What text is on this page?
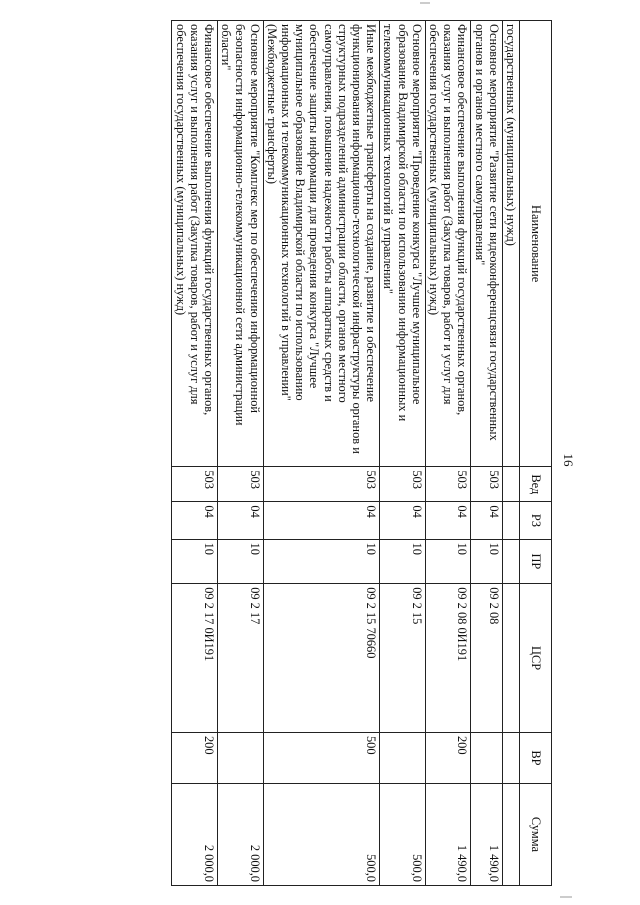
16
Наименование	Вед	РЗ	ПР	ЦСР	ВР	Сумма
государственных (муниципальных) нужд)						
Основное мероприятие "Развитие сети видеоконференцсвязи государственных органов и органов местного самоуправления"	503	04	10	09 2 08		1 490,0
Финансовое обеспечение выполнения функций государственных органов, оказания услуг и выполнения работ (Закупка товаров, работ и услуг для обеспечения государственных (муниципальных) нужд)	503	04	10	09 2 08 0И191	200	1 490,0
Основное мероприятие "Проведение конкурса "Лучшее муниципальное образование Владимирской области по использованию информационных и телекоммуникационных технологий в управлении"	503	04	10	09 2 15		500,0
Иные межбюджетные трансферты на создание, развитие и обеспечение функционирования информационно-технологической инфраструктуры органов и структурных подразделений администрации области, органов местного самоуправления, повышение надежности работы аппаратных средств и обеспечение защиты информации для проведения конкурса "Лучшее муниципальное образование Владимирской области по использованию информационных и телекоммуникационных технологий в управлении" (Межбюджетные трансферты)	503	04	10	09 2 15 70660	500	500,0
Основное мероприятие "Комплекс мер по обеспечению информационной безопасности информационно-телекоммуникационной сети администрации области"	503	04	10	09 2 17		2 000,0
Финансовое обеспечение выполнения функций государственных органов, оказания услуг и выполнения работ (Закупка товаров, работ и услуг для обеспечения государственных (муниципальных) нужд)	503	04	10	09 2 17 0И191	200	2 000,0
